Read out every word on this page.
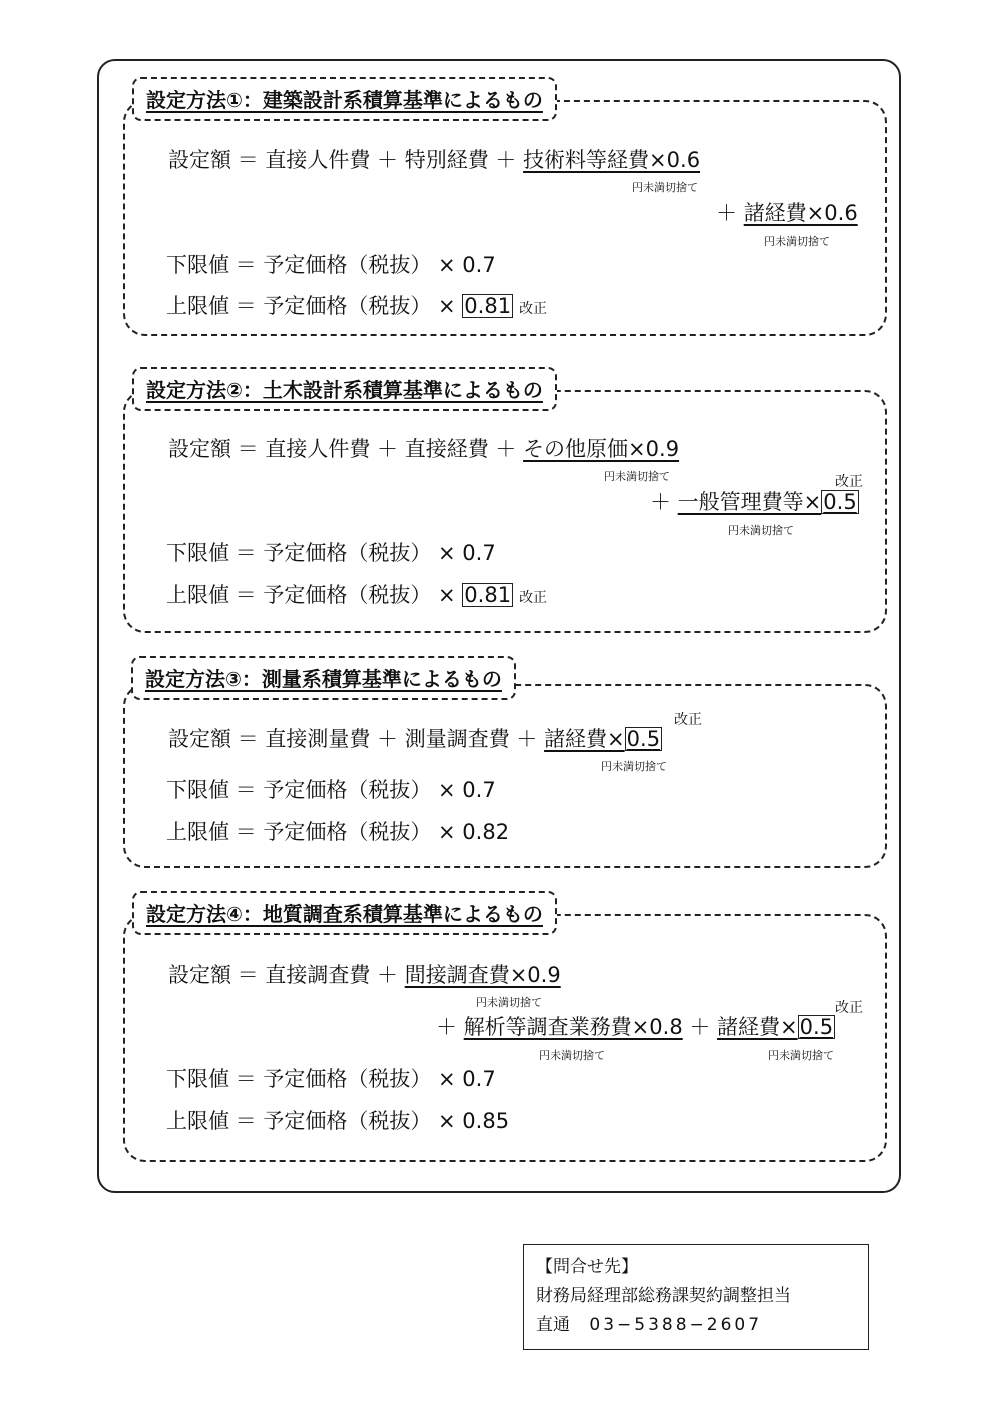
設定方法①：建築設計系積算基準によるもの
設定額 ＝ 直接人件費 ＋ 特別経費 ＋ 技術料等経費×0.6
円未満切捨て
＋ 諸経費×0.6
円未満切捨て
下限値 ＝ 予定価格（税抜） × 0.7
上限値 ＝ 予定価格（税抜） × 0.81 改正
設定方法②：土木設計系積算基準によるもの
設定額 ＝ 直接人件費 ＋ 直接経費 ＋ その他原価×0.9
円未満切捨て	改正
＋ 一般管理費等×0.5
円未満切捨て
下限値 ＝ 予定価格（税抜） × 0.7
上限値 ＝ 予定価格（税抜） × 0.81 改正
設定方法③：測量系積算基準によるもの
改正
設定額 ＝ 直接測量費 ＋ 測量調査費 ＋ 諸経費×0.5
円未満切捨て
下限値 ＝ 予定価格（税抜） × 0.7
上限値 ＝ 予定価格（税抜） × 0.82
設定方法④：地質調査系積算基準によるもの
設定額 ＝ 直接調査費 ＋ 間接調査費×0.9
円未満切捨て	改正
＋ 解析等調査業務費×0.8 ＋ 諸経費×0.5
円未満切捨て	円未満切捨て
下限値 ＝ 予定価格（税抜） × 0.7
上限値 ＝ 予定価格（税抜） × 0.85
【問合せ先】
財務局経理部総務課契約調整担当
直通 03−5388−2607
